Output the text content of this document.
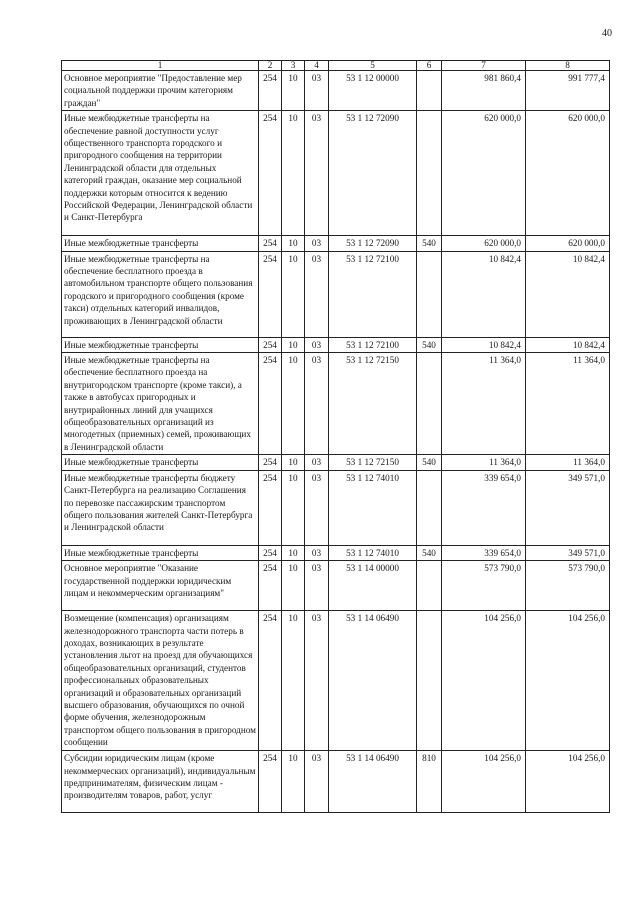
40
1	2	3	4	5	6	7	8
Основное мероприятие "Предоставление мер социальной поддержки прочим категориям граждан"	254	10	03	53 1 12 00000		981 860,4	991 777,4
Иные межбюджетные трансферты на обеспечение равной доступности услуг общественного транспорта городского и пригородного сообщения на территории Ленинградской области для отдельных категорий граждан, оказание мер социальной поддержки которым относится к ведению Российской Федерации, Ленинградской области и Санкт-Петербурга	254	10	03	53 1 12 72090		620 000,0	620 000,0
Иные межбюджетные трансферты	254	10	03	53 1 12 72090	540	620 000,0	620 000,0
Иные межбюджетные трансферты на обеспечение бесплатного проезда в автомобильном транспорте общего пользования городского и пригородного сообщения (кроме такси) отдельных категорий инвалидов, проживающих в Ленинградской области	254	10	03	53 1 12 72100		10 842,4	10 842,4
Иные межбюджетные трансферты	254	10	03	53 1 12 72100	540	10 842,4	10 842,4
Иные межбюджетные трансферты на обеспечение бесплатного проезда на внутригородском транспорте (кроме такси), а также в автобусах пригородных и внутрирайонных линий для учащихся общеобразовательных организаций из многодетных (приемных) семей, проживающих в Ленинградской области	254	10	03	53 1 12 72150		11 364,0	11 364,0
Иные межбюджетные трансферты	254	10	03	53 1 12 72150	540	11 364,0	11 364,0
Иные межбюджетные трансферты бюджету Санкт-Петербурга на реализацию Соглашения по перевозке пассажирским транспортом общего пользования жителей Санкт-Петербурга и Ленинградской области	254	10	03	53 1 12 74010		339 654,0	349 571,0
Иные межбюджетные трансферты	254	10	03	53 1 12 74010	540	339 654,0	349 571,0
Основное мероприятие "Оказание государственной поддержки юридическим лицам и некоммерческим организациям"	254	10	03	53 1 14 00000		573 790,0	573 790,0
Возмещение (компенсация) организациям железнодорожного транспорта части потерь в доходах, возникающих в результате установления льгот на проезд для обучающихся общеобразовательных организаций, студентов профессиональных образовательных организаций и образовательных организаций высшего образования, обучающихся по очной форме обучения, железнодорожным транспортом общего пользования в пригородном сообщении	254	10	03	53 1 14 06490		104 256,0	104 256,0
Субсидии юридическим лицам (кроме некоммерческих организаций), индивидуальным предпринимателям, физическим лицам - производителям товаров, работ, услуг	254	10	03	53 1 14 06490	810	104 256,0	104 256,0
